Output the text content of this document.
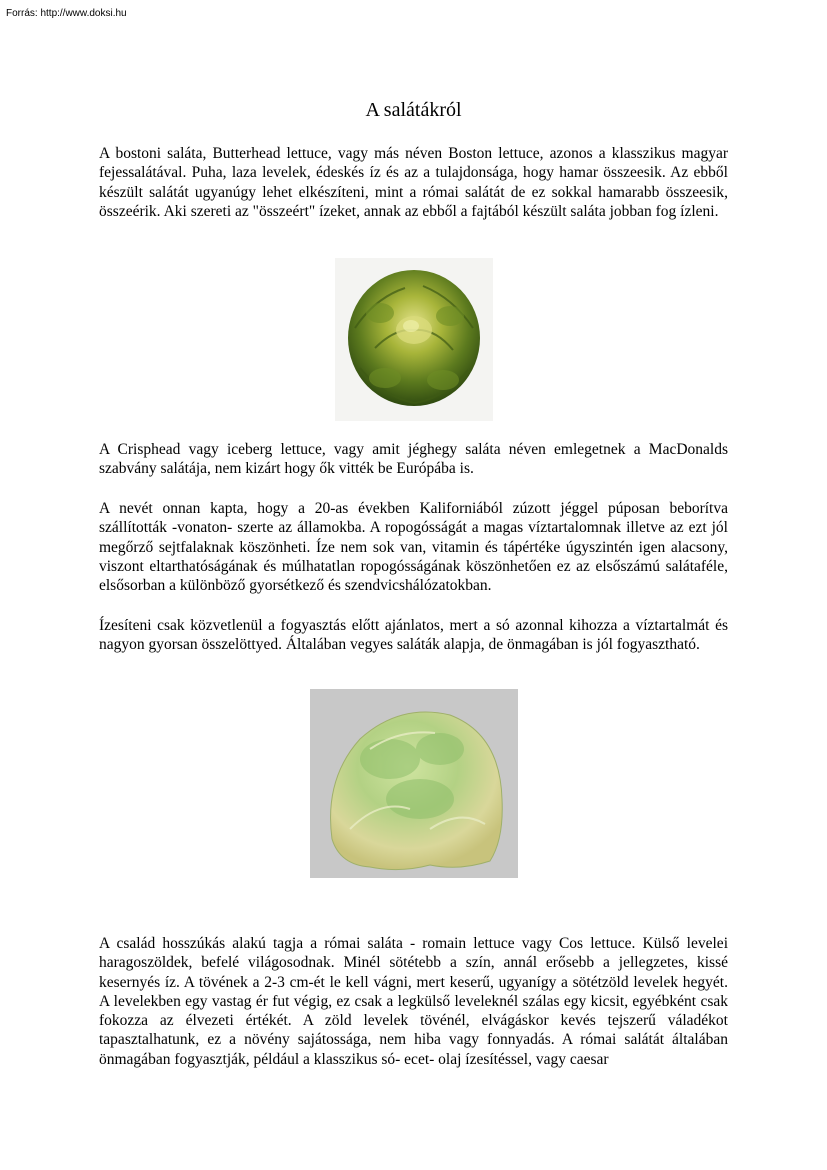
Forrás: http://www.doksi.hu
A salátákról

A bostoni saláta, Butterhead lettuce, vagy más néven Boston lettuce, azonos a klasszikus magyar fejessalátával. Puha, laza levelek, édeskés íz és az a tulajdonsága, hogy hamar összeesik. Az ebből készült salátát ugyanúgy lehet elkészíteni, mint a római salátát de ez sokkal hamarabb összeesik, összeérik. Aki szereti az "összeért" ízeket, annak az ebből a fajtából készült saláta jobban fog ízleni.

A Crisphead vagy iceberg lettuce, vagy amit jéghegy saláta néven emlegetnek a MacDonalds szabvány salátája, nem kizárt hogy ők vitték be Európába is.

A nevét onnan kapta, hogy a 20-as években Kaliforniából zúzott jéggel púposan beborítva szállították -vonaton- szerte az államokba. A ropogósságát a magas víztartalomnak illetve az ezt jól megőrző sejtfalaknak köszönheti. Íze nem sok van, vitamin és tápértéke úgyszintén igen alacsony, viszont eltarthatóságának és múlhatatlan ropogósságának köszönhetően ez az elsőszámú salátaféle, elsősorban a különböző gyorsétkező és szendvicshálózatokban.

Ízesíteni csak közvetlenül a fogyasztás előtt ajánlatos, mert a só azonnal kihozza a víztartalmát és nagyon gyorsan összelöttyed. Általában vegyes saláták alapja, de önmagában is jól fogyasztható.

A család hosszúkás alakú tagja a római saláta - romain lettuce vagy Cos lettuce. Külső levelei haragoszöldek, befelé világosodnak. Minél sötétebb a szín, annál erősebb a jellegzetes, kissé kesernyés íz. A tövének a 2-3 cm-ét le kell vágni, mert keserű, ugyanígy a sötétzöld levelek hegyét. A levelekben egy vastag ér fut végig, ez csak a legkülső leveleknél szálas egy kicsit, egyébként csak fokozza az élvezeti értékét. A zöld levelek tövénél, elvágáskor kevés tejszerű váladékot tapasztalhatunk, ez a növény sajátossága, nem hiba vagy fonnyadás. A római salátát általában önmagában fogyasztják, például a klasszikus só- ecet- olaj ízesítéssel, vagy caesar
